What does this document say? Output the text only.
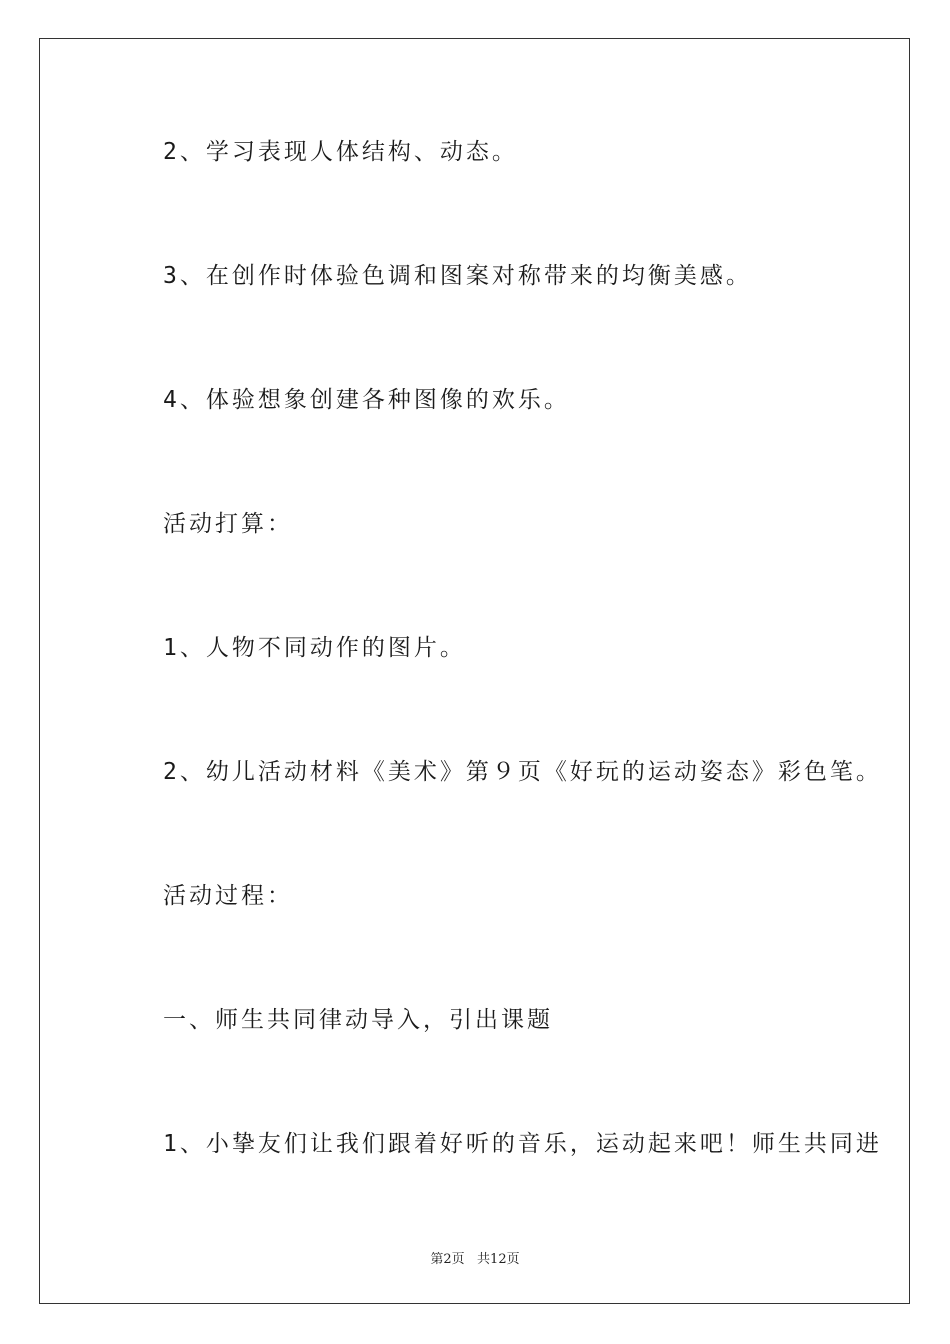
2、学习表现人体结构、动态。
3、在创作时体验色调和图案对称带来的均衡美感。
4、体验想象创建各种图像的欢乐。
活动打算：
1、人物不同动作的图片。
2、幼儿活动材料《美术》第９页《好玩的运动姿态》彩色笔。
活动过程：
一、师生共同律动导入，引出课题
1、小挚友们让我们跟着好听的音乐，运动起来吧！师生共同进
第2页   共12页
